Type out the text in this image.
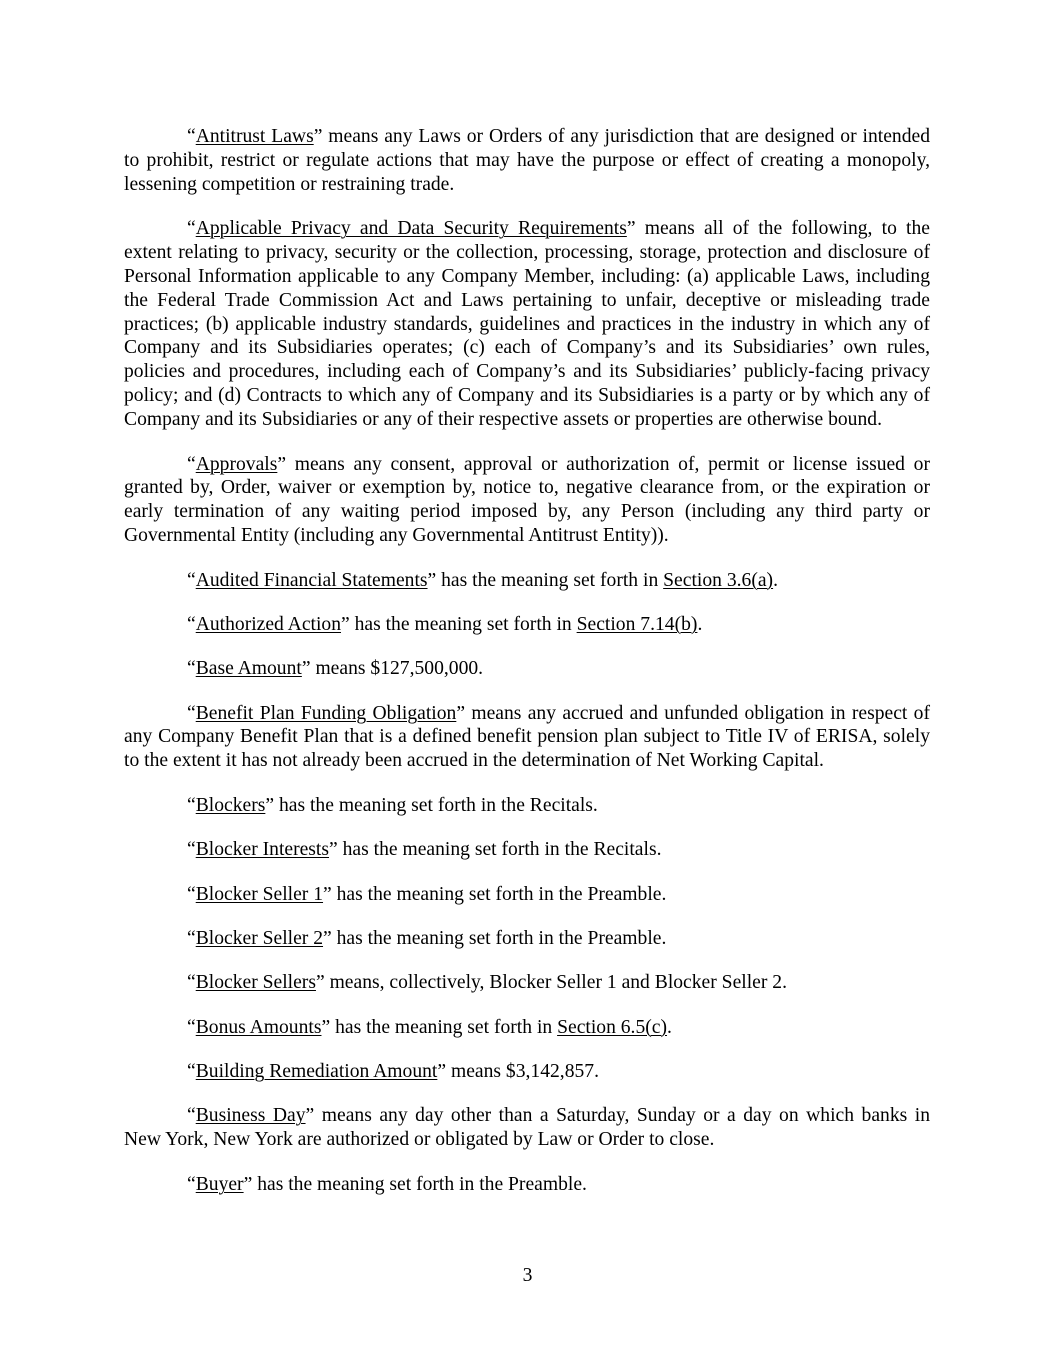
“Antitrust Laws” means any Laws or Orders of any jurisdiction that are designed or intended to prohibit, restrict or regulate actions that may have the purpose or effect of creating a monopoly, lessening competition or restraining trade.

“Applicable Privacy and Data Security Requirements” means all of the following, to the extent relating to privacy, security or the collection, processing, storage, protection and disclosure of Personal Information applicable to any Company Member, including: (a) applicable Laws, including the Federal Trade Commission Act and Laws pertaining to unfair, deceptive or misleading trade practices; (b) applicable industry standards, guidelines and practices in the industry in which any of Company and its Subsidiaries operates; (c) each of Company’s and its Subsidiaries’ own rules, policies and procedures, including each of Company’s and its Subsidiaries’ publicly-facing privacy policy; and (d) Contracts to which any of Company and its Subsidiaries is a party or by which any of Company and its Subsidiaries or any of their respective assets or properties are otherwise bound.

“Approvals” means any consent, approval or authorization of, permit or license issued or granted by, Order, waiver or exemption by, notice to, negative clearance from, or the expiration or early termination of any waiting period imposed by, any Person (including any third party or Governmental Entity (including any Governmental Antitrust Entity)).

“Audited Financial Statements” has the meaning set forth in Section 3.6(a).

“Authorized Action” has the meaning set forth in Section 7.14(b).

“Base Amount” means $127,500,000.

“Benefit Plan Funding Obligation” means any accrued and unfunded obligation in respect of any Company Benefit Plan that is a defined benefit pension plan subject to Title IV of ERISA, solely to the extent it has not already been accrued in the determination of Net Working Capital.

“Blockers” has the meaning set forth in the Recitals.

“Blocker Interests” has the meaning set forth in the Recitals.

“Blocker Seller 1” has the meaning set forth in the Preamble.

“Blocker Seller 2” has the meaning set forth in the Preamble.

“Blocker Sellers” means, collectively, Blocker Seller 1 and Blocker Seller 2.

“Bonus Amounts” has the meaning set forth in Section 6.5(c).

“Building Remediation Amount” means $3,142,857.

“Business Day” means any day other than a Saturday, Sunday or a day on which banks in New York, New York are authorized or obligated by Law or Order to close.

“Buyer” has the meaning set forth in the Preamble.

3
